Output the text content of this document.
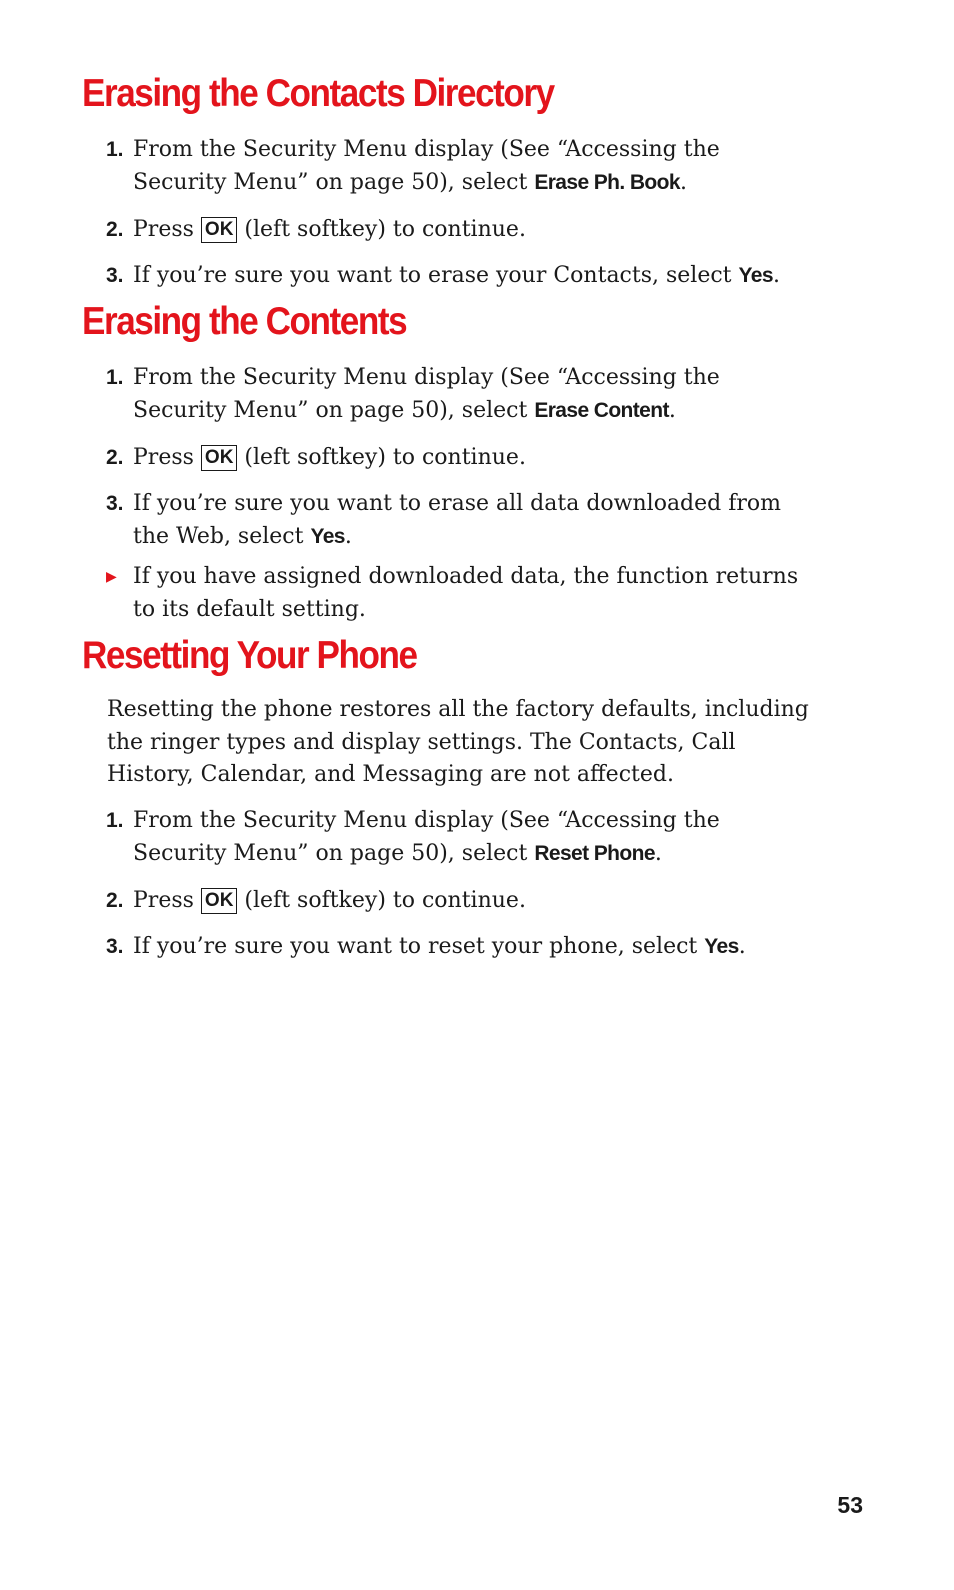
Erasing the Contacts Directory
1. From the Security Menu display (See “Accessing the Security Menu” on page 50), select Erase Ph. Book.
2. Press OK (left softkey) to continue.
3. If you’re sure you want to erase your Contacts, select Yes.
Erasing the Contents
1. From the Security Menu display (See “Accessing the Security Menu” on page 50), select Erase Content.
2. Press OK (left softkey) to continue.
3. If you’re sure you want to erase all data downloaded from the Web, select Yes.
▶ If you have assigned downloaded data, the function returns to its default setting.
Resetting Your Phone

Resetting the phone restores all the factory defaults, including the ringer types and display settings. The Contacts, Call History, Calendar, and Messaging are not affected.

1. From the Security Menu display (See “Accessing the Security Menu” on page 50), select Reset Phone.
2. Press OK (left softkey) to continue.
3. If you’re sure you want to reset your phone, select Yes.
53
